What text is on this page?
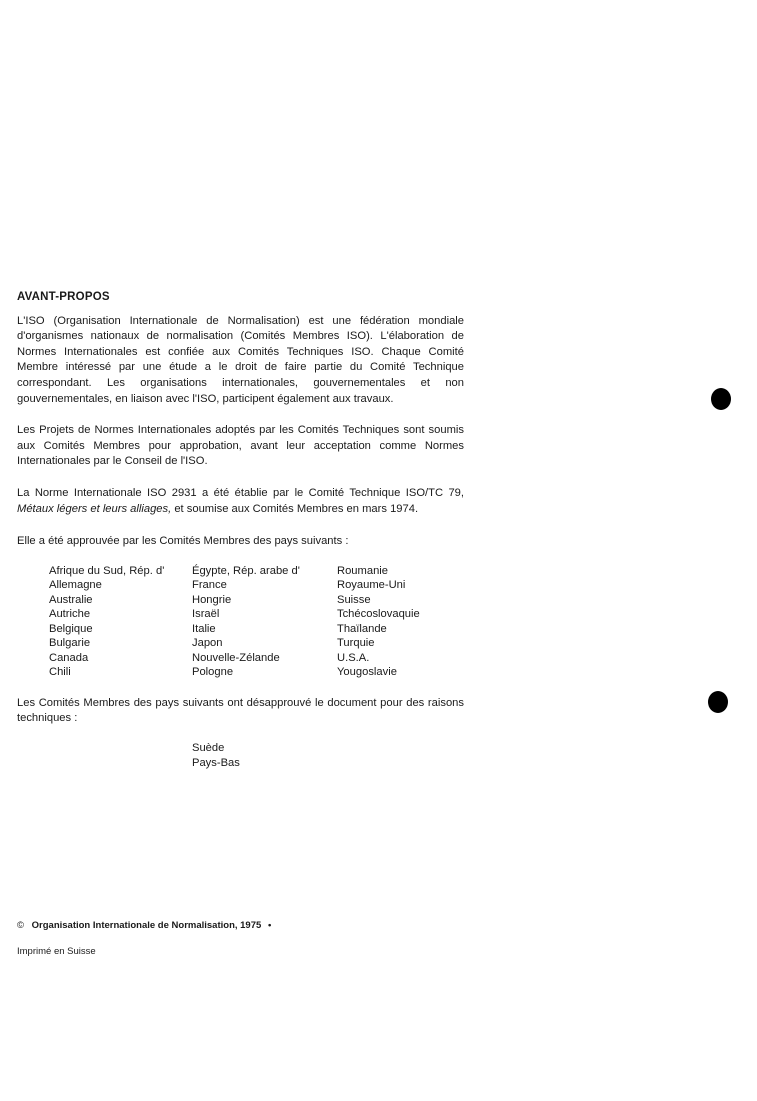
AVANT-PROPOS

L'ISO (Organisation Internationale de Normalisation) est une fédération mondiale d'organismes nationaux de normalisation (Comités Membres ISO). L'élaboration de Normes Internationales est confiée aux Comités Techniques ISO. Chaque Comité Membre intéressé par une étude a le droit de faire partie du Comité Technique correspondant. Les organisations internationales, gouvernementales et non gouvernementales, en liaison avec l'ISO, participent également aux travaux.

Les Projets de Normes Internationales adoptés par les Comités Techniques sont soumis aux Comités Membres pour approbation, avant leur acceptation comme Normes Internationales par le Conseil de l'ISO.

La Norme Internationale ISO 2931 a été établie par le Comité Technique ISO/TC 79, Métaux légers et leurs alliages, et soumise aux Comités Membres en mars 1974.

Elle a été approuvée par les Comités Membres des pays suivants :

Afrique du Sud, Rép. d'
Allemagne
Australie
Autriche
Belgique
Bulgarie
Canada
Chili
Égypte, Rép. arabe d'
France
Hongrie
Israël
Italie
Japon
Nouvelle-Zélande
Pologne
Roumanie
Royaume-Uni
Suisse
Tchécoslovaquie
Thaïlande
Turquie
U.S.A.
Yougoslavie

Les Comités Membres des pays suivants ont désapprouvé le document pour des raisons techniques :

Suède
Pays-Bas
© Organisation Internationale de Normalisation, 1975 •
Imprimé en Suisse
